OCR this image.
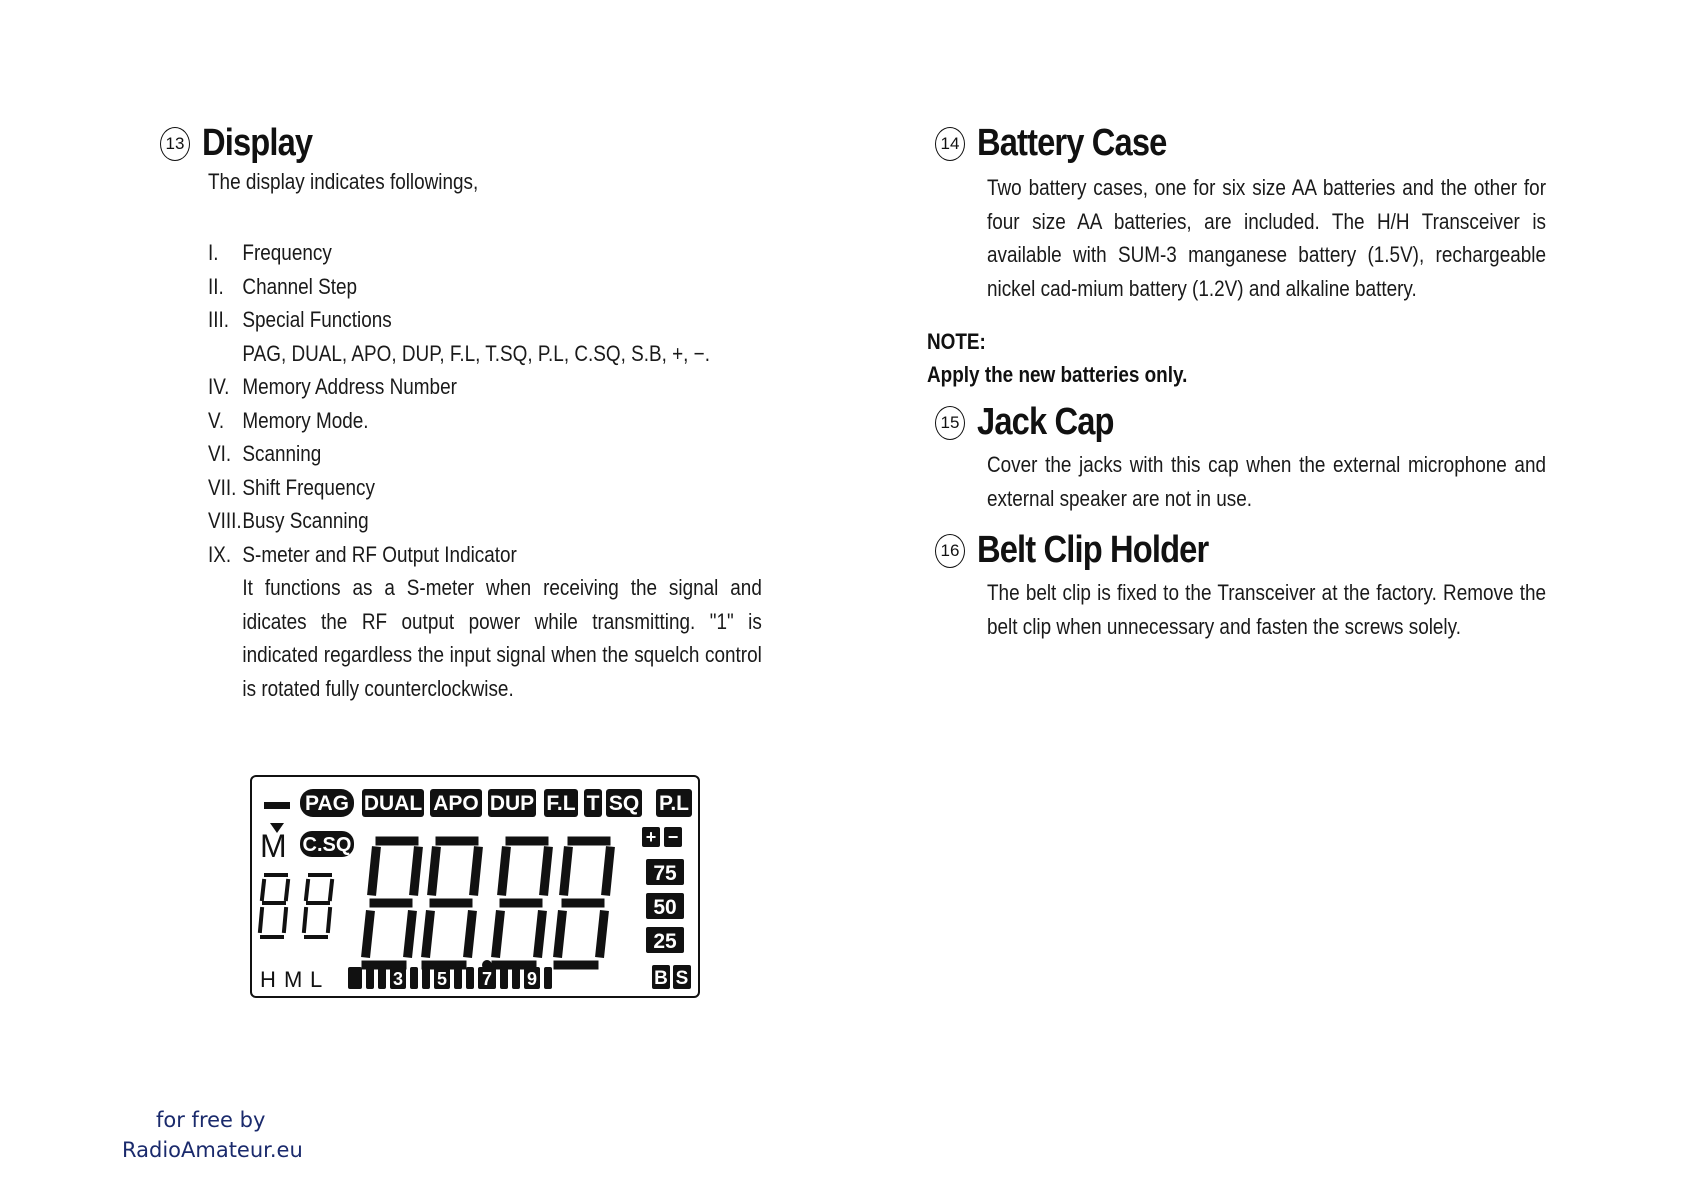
13 Display
The display indicates followings,
I.	Frequency
II. Channel Step
III. Special Functions
PAG, DUAL, APO, DUP, F.L, T.SQ, P.L, C.SQ, S.B, +, −.
IV. Memory Address Number
V. Memory Mode.
VI. Scanning
VII. Shift Frequency
VIII. Busy Scanning
IX. S-meter and RF Output Indicator
It functions as a S-meter when receiving the signal and idicates the RF output power while transmitting. "1" is indicated regardless the input signal when the squelch control is rotated fully counterclockwise.
PAG DUAL APO DUP F.L T SQ P.L
M C.SQ	+ −
75
50
25
B S
H M L	3 5 7 9
14 Battery Case
Two battery cases, one for six size AA batteries and the other for four size AA batteries, are included. The H/H Transceiver is available with SUM-3 manganese battery (1.5V), rechargeable nickel cad-mium battery (1.2V) and alkaline battery.
NOTE:
Apply the new batteries only.
15 Jack Cap
Cover the jacks with this cap when the external microphone and external speaker are not in use.
16 Belt Clip Holder
The belt clip is fixed to the Transceiver at the factory. Remove the belt clip when unnecessary and fasten the screws solely.
for free by
RadioAmateur.eu
